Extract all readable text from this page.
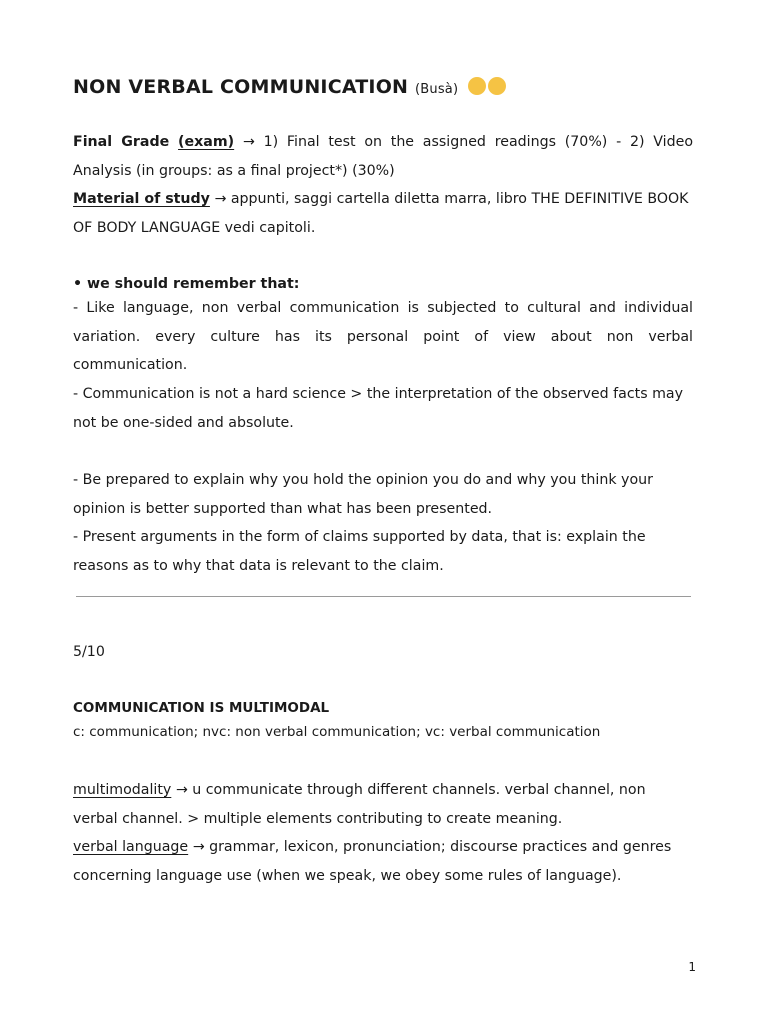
NON VERBAL COMMUNICATION (Busà)

Final Grade (exam) → 1) Final test on the assigned readings (70%) - 2) Video Analysis (in groups: as a final project*) (30%)

Material of study → appunti, saggi cartella diletta marra, libro THE DEFINITIVE BOOK OF BODY LANGUAGE vedi capitoli.

• we should remember that:

- Like language, non verbal communication is subjected to cultural and individual variation. every culture has its personal point of view about non verbal communication.

- Communication is not a hard science > the interpretation of the observed facts may not be one-sided and absolute.

- Be prepared to explain why you hold the opinion you do and why you think your opinion is better supported than what has been presented.

- Present arguments in the form of claims supported by data, that is: explain the reasons as to why that data is relevant to the claim.

5/10

COMMUNICATION IS MULTIMODAL

c: communication; nvc: non verbal communication; vc: verbal communication

multimodality → u communicate through different channels. verbal channel, non verbal channel. > multiple elements contributing to create meaning.

verbal language → grammar, lexicon, pronunciation; discourse practices and genres concerning language use (when we speak, we obey some rules of language).

1
